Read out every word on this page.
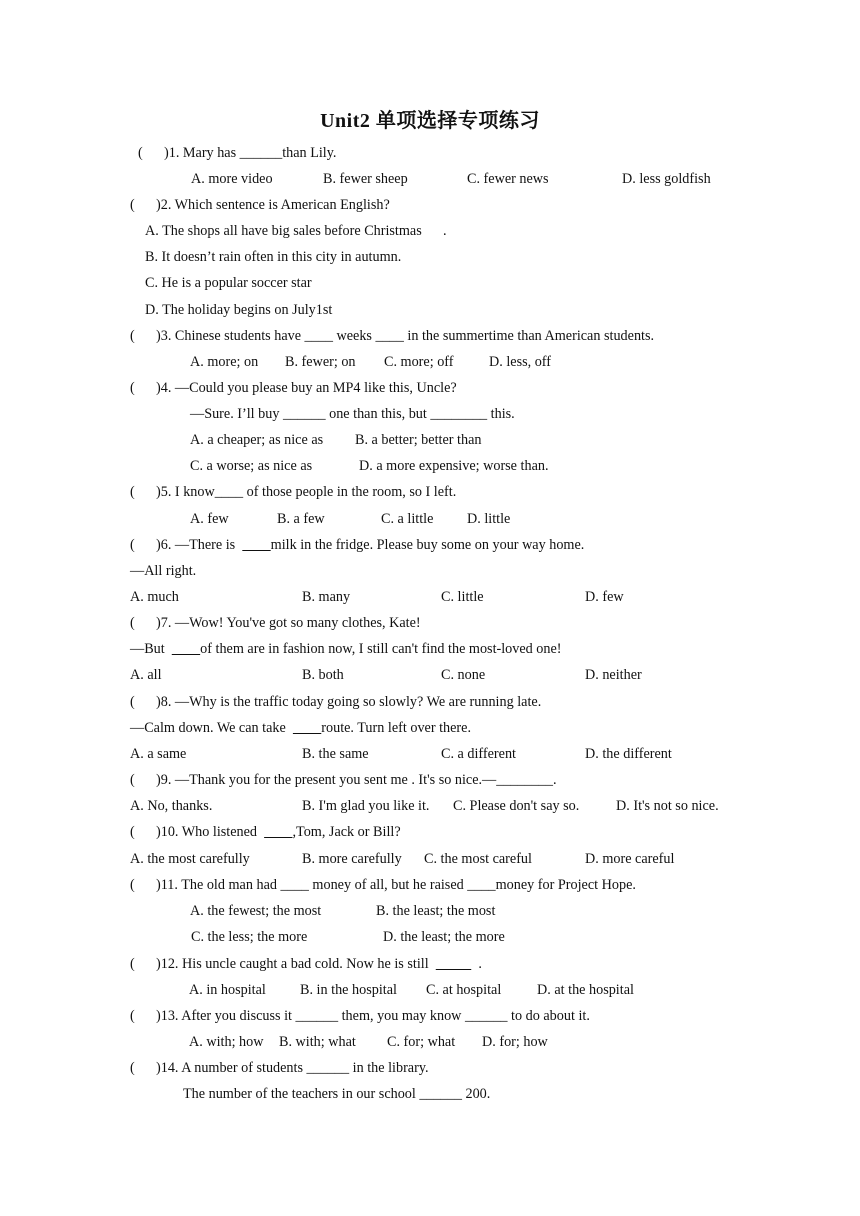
Unit2 单项选择专项练习
(      )1. Mary has ______than Lily.
A. more video	B. fewer sheep	C. fewer news	D. less goldfish
(      )2. Which sentence is American English?
A. The shops all have big sales before Christmas      .
B. It doesn’t rain often in this city in autumn.
C. He is a popular soccer star
D. The holiday begins on July1st
(      )3. Chinese students have ____ weeks ____ in the summertime than American students.
A. more; on B. fewer; on C. more; off	D. less, off
(      )4. —Could you please buy an MP4 like this, Uncle?
—Sure. I’ll buy ______ one than this, but ________ this.
A. a cheaper; as nice as B. a better; better than
C. a worse; as nice as	D. a more expensive; worse than.
(      )5. I know____ of those people in the room, so I left.
A. few	B. a few	C. a little D. little
(      )6. —There is          milk in the fridge. Please buy some on your way home.
—All right.
A. much	B. many	C. little	D. few
(      )7. —Wow! You've got so many clothes, Kate!
—But          of them are in fashion now, I still can't find the most-loved one!
A. all	B. both	C. none	D. neither
(      )8. —Why is the traffic today going so slowly? We are running late.
—Calm down. We can take          route. Turn left over there.
A. a same	B. the same	C. a different	D. the different
(      )9. —Thank you for the present you sent me . It's so nice.—________.
A. No, thanks.	B. I'm glad you like it. C. Please don't say so.	D. It's not so nice.
(      )10. Who listened          ,Tom, Jack or Bill?
A. the most carefully	B. more carefully C. the most careful	D. more careful
(      )11. The old man had ____ money of all, but he raised ____money for Project Hope.
A. the fewest; the most	B. the least; the most
C. the less; the more	D. the least; the more
(      )12. His uncle caught a bad cold. Now he is still              .
A. in hospital B. in the hospital C. at hospital	D. at the hospital
(      )13. After you discuss it ______ them, you may know ______ to do about it.
A. with; how B. with; what C. for; what D. for; how
(      )14. A number of students ______ in the library.
The number of the teachers in our school ______ 200.
